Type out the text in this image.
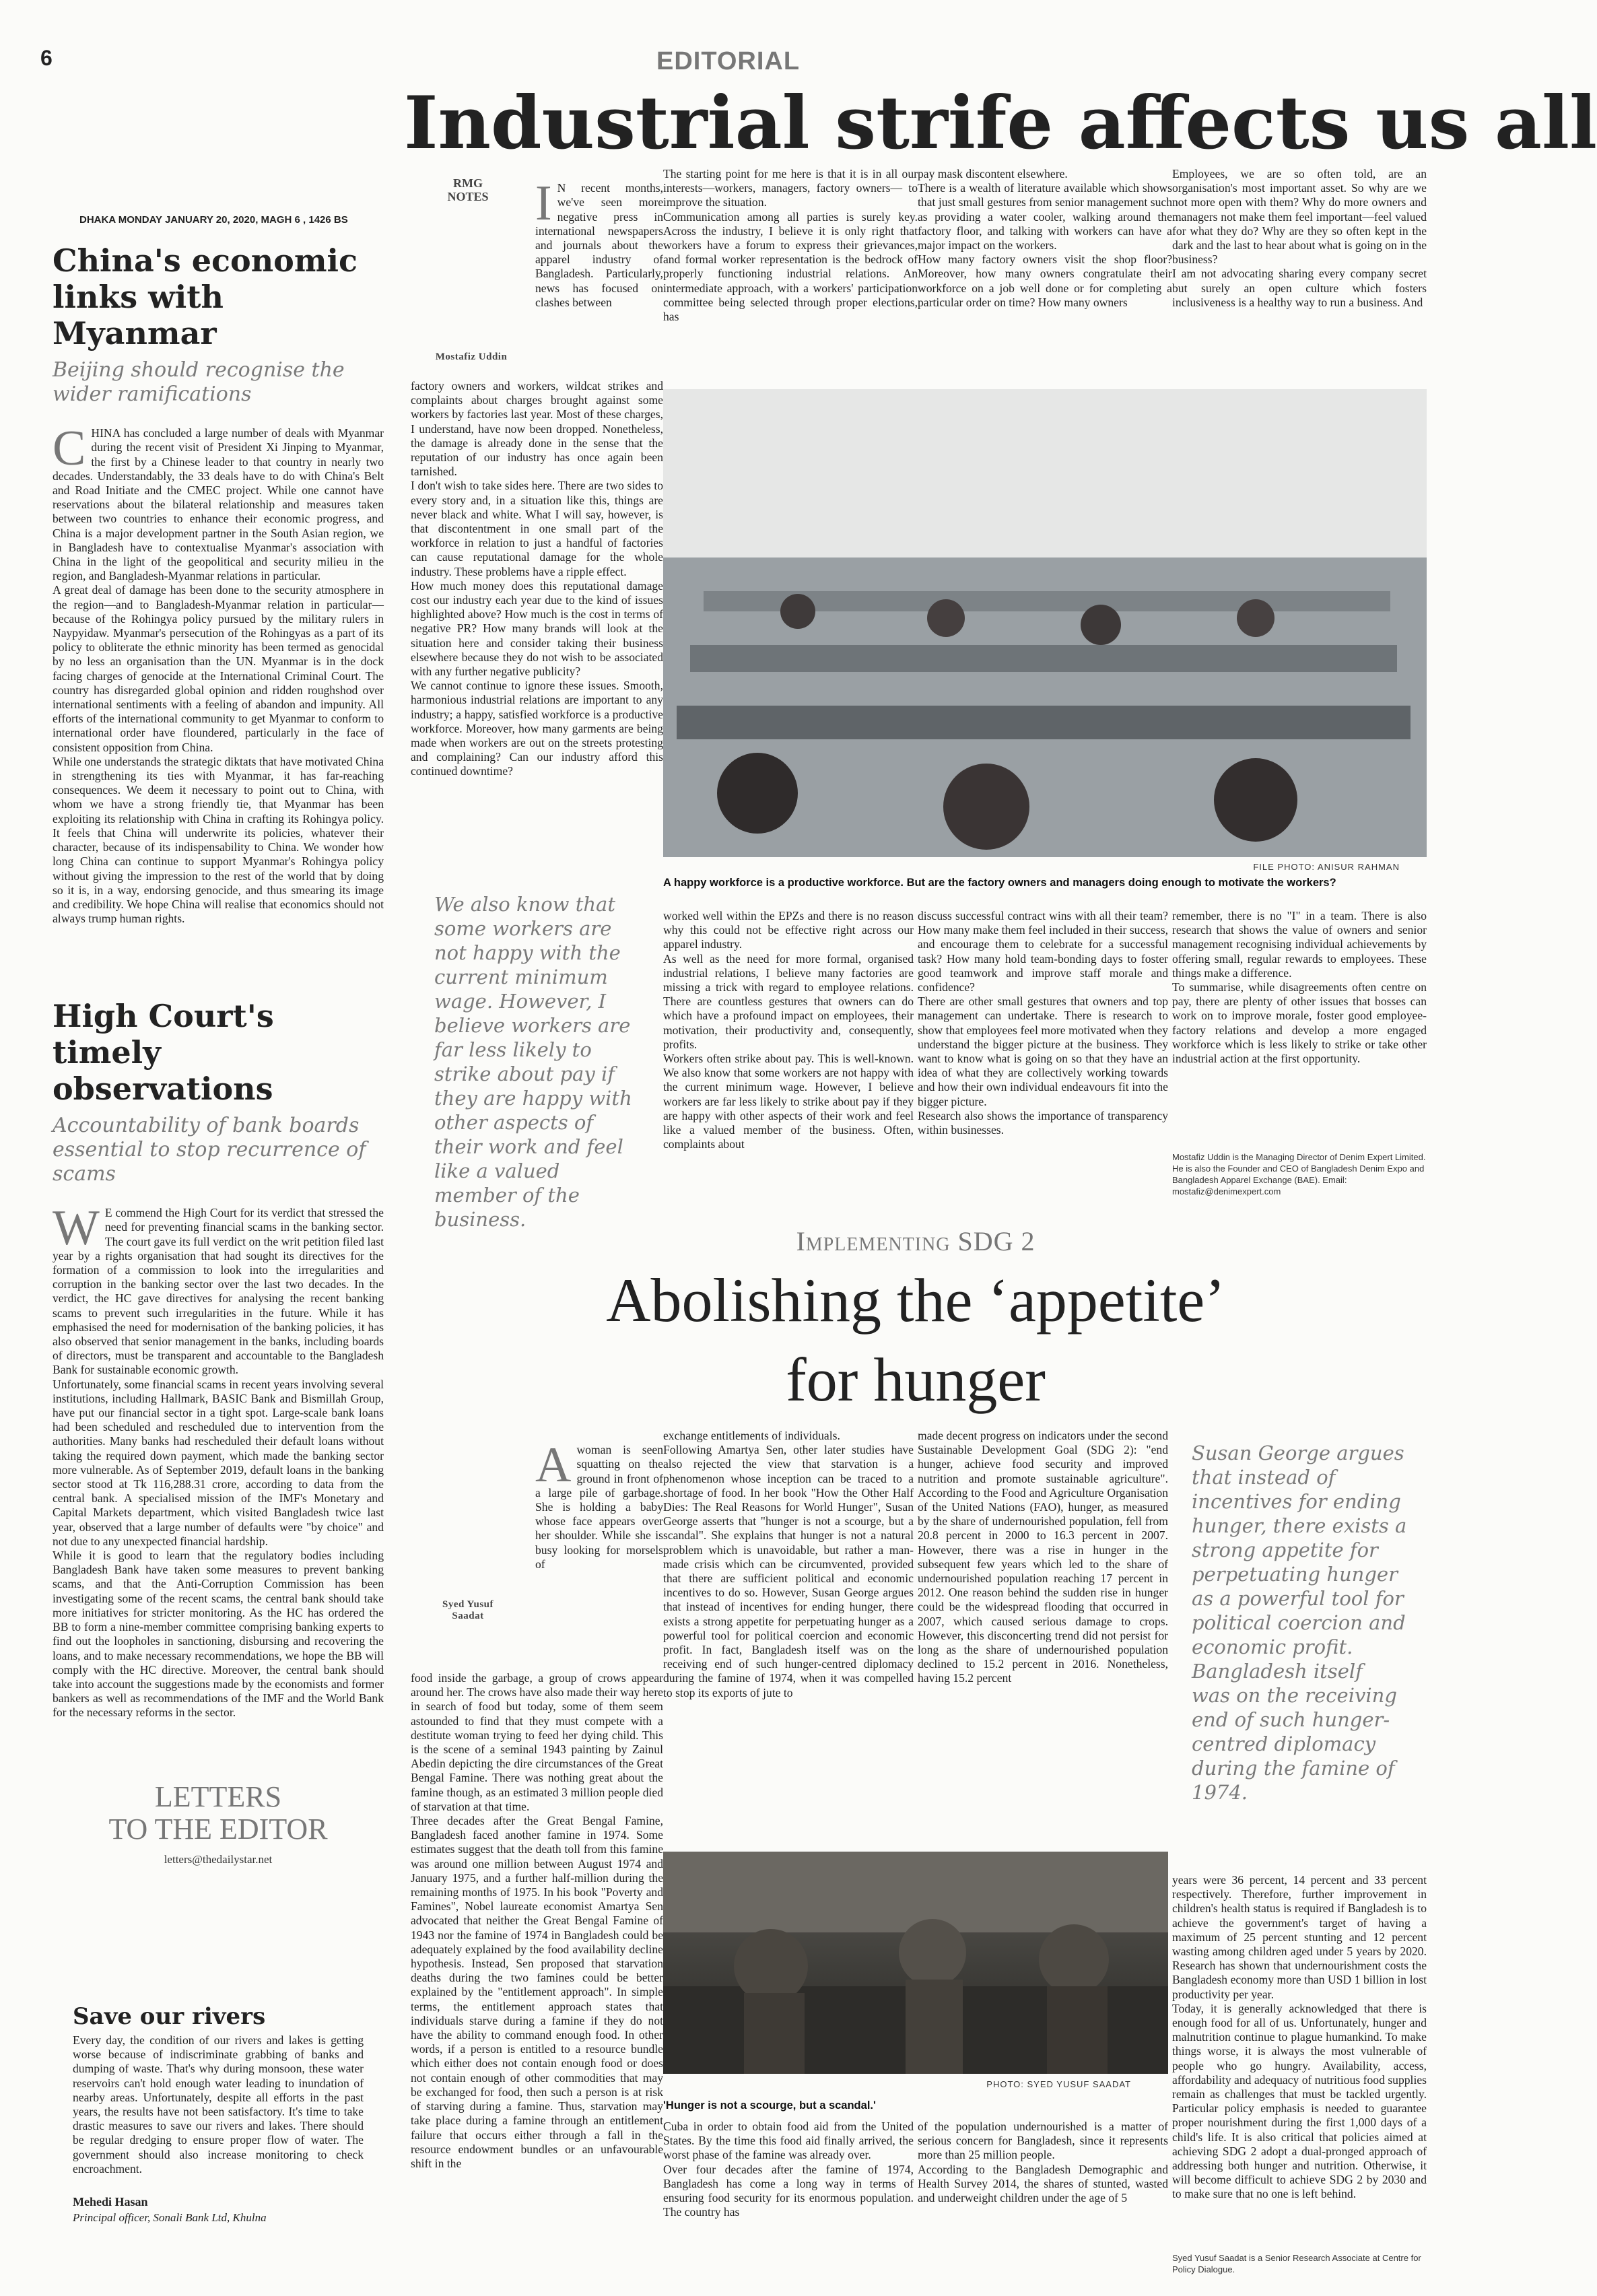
6	EDITORIAL
Industrial strife affects us all
DHAKA MONDAY JANUARY 20, 2020, MAGH 6 , 1426 BS
China's economic
links with Myanmar
Beijing should recognise the
wider ramifications

CHINA has concluded a large number of deals with Myanmar during the recent visit of President Xi Jinping to Myanmar, the first by a Chinese leader to that country in nearly two decades. Understandably, the 33 deals have to do with China's Belt and Road Initiate and the CMEC project. While one cannot have reservations about the bilateral relationship and measures taken between two countries to enhance their economic progress, and China is a major development partner in the South Asian region, we in Bangladesh have to contextualise Myanmar's association with China in the light of the geopolitical and security milieu in the region, and Bangladesh-Myanmar relations in particular.
A great deal of damage has been done to the security atmosphere in the region—and to Bangladesh-Myanmar relation in particular—because of the Rohingya policy pursued by the military rulers in Naypyidaw. Myanmar's persecution of the Rohingyas as a part of its policy to obliterate the ethnic minority has been termed as genocidal by no less an organisation than the UN. Myanmar is in the dock facing charges of genocide at the International Criminal Court. The country has disregarded global opinion and ridden roughshod over international sentiments with a feeling of abandon and impunity. All efforts of the international community to get Myanmar to conform to international order have floundered, particularly in the face of consistent opposition from China.
While one understands the strategic diktats that have motivated China in strengthening its ties with Myanmar, it has far-reaching consequences. We deem it necessary to point out to China, with whom we have a strong friendly tie, that Myanmar has been exploiting its relationship with China in crafting its Rohingya policy. It feels that China will underwrite its policies, whatever their character, because of its indispensability to China. We wonder how long China can continue to support Myanmar's Rohingya policy without giving the impression to the rest of the world that by doing so it is, in a way, endorsing genocide, and thus smearing its image and credibility. We hope China will realise that economics should not always trump human rights.

High Court's timely
observations
Accountability of bank boards
essential to stop recurrence of scams

W E commend the High Court for its verdict that stressed the need for preventing financial scams in the banking sector. The court gave its full verdict on the writ petition filed last year by a rights organisation that had sought its directives for the formation of a commission to look into the irregularities and corruption in the banking sector over the last two decades. In the verdict, the HC gave directives for analysing the recent banking scams to prevent such irregularities in the future. While it has emphasised the need for modernisation of the banking policies, it has also observed that senior management in the banks, including boards of directors, must be transparent and accountable to the Bangladesh Bank for sustainable economic growth.
Unfortunately, some financial scams in recent years involving several institutions, including Hallmark, BASIC Bank and Bismillah Group, have put our financial sector in a tight spot. Large-scale bank loans had been scheduled and rescheduled due to intervention from the authorities. Many banks had rescheduled their default loans without taking the required down payment, which made the banking sector more vulnerable. As of September 2019, default loans in the banking sector stood at Tk 116,288.31 crore, according to data from the central bank. A specialised mission of the IMF's Monetary and Capital Markets department, which visited Bangladesh twice last year, observed that a large number of defaults were "by choice" and not due to any unexpected financial hardship.
While it is good to learn that the regulatory bodies including Bangladesh Bank have taken some measures to prevent banking scams, and that the Anti-Corruption Commission has been investigating some of the recent scams, the central bank should take more initiatives for stricter monitoring. As the HC has ordered the BB to form a nine-member committee comprising banking experts to find out the loopholes in sanctioning, disbursing and recovering the loans, and to make necessary recommendations, we hope the BB will comply with the HC directive. Moreover, the central bank should take into account the suggestions made by the economists and former bankers as well as recommendations of the IMF and the World Bank for the necessary reforms in the sector.

LETTERS
TO THE EDITOR
letters@thedailystar.net
Save our rivers
Every day, the condition of our rivers and lakes is getting worse because of indiscriminate grabbing of banks and dumping of waste. That's why during monsoon, these water reservoirs can't hold enough water leading to inundation of nearby areas. Unfortunately, despite all efforts in the past years, the results have not been satisfactory. It's time to take drastic measures to save our rivers and lakes. There should be regular dredging to ensure proper flow of water. The government should also increase monitoring to check encroachment.
Mehedi Hasan
Principal officer, Sonali Bank Ltd, Khulna
RMG
NOTES
Mostafiz Uddin

I N recent months, we've seen more negative press in international newspapers and journals about the apparel industry of Bangladesh. Particularly, news has focused on clashes between

factory owners and workers, wildcat strikes and complaints about charges brought against some workers by factories last year. Most of these charges, I understand, have now been dropped. Nonetheless, the damage is already done in the sense that the reputation of our industry has once again been tarnished.
I don't wish to take sides here. There are two sides to every story and, in a situation like this, things are never black and white. What I will say, however, is that discontentment in one small part of the workforce in relation to just a handful of factories can cause reputational damage for the whole industry. These problems have a ripple effect.
How much money does this reputational damage cost our industry each year due to the kind of issues highlighted above? How much is the cost in terms of negative PR? How many brands will look at the situation here and consider taking their business elsewhere because they do not wish to be associated with any further negative publicity?
We cannot continue to ignore these issues. Smooth, harmonious industrial relations are important to any industry; a happy, satisfied workforce is a productive workforce. Moreover, how many garments are being made when workers are out on the streets protesting and complaining? Can our industry afford this continued downtime?
The starting point for me here is that it is in all our interests—workers, managers, factory owners— to improve the situation.
Communication among all parties is surely key. Across the industry, I believe it is only right that workers have a forum to express their grievances, and formal worker representation is the bedrock of properly functioning industrial relations. An intermediate approach, with a workers' participation committee being selected through proper elections, has
pay mask discontent elsewhere.
There is a wealth of literature available which shows that just small gestures from senior management such as providing a water cooler, walking around the factory floor, and talking with workers can have a major impact on the workers.
How many factory owners visit the shop floor? Moreover, how many owners congratulate their workforce on a job well done or for completing a particular order on time? How many owners
Employees, we are so often told, are an organisation's most important asset. So why are we not more open with them? Why do more owners and managers not make them feel important—feel valued for what they do? Why are they so often kept in the dark and the last to hear about what is going on in the business?
I am not advocating sharing every company secret but surely an open culture which fosters inclusiveness is a healthy way to run a business. And
FILE PHOTO: ANISUR RAHMAN
A happy workforce is a productive workforce. But are the factory owners and managers doing enough to motivate the workers?
We also know that some workers are not happy with the current minimum wage. However, I believe workers are far less likely to strike about pay if they are happy with other aspects of their work and feel like a valued member of the business.
worked well within the EPZs and there is no reason why this could not be effective right across our apparel industry.
As well as the need for more formal, organised industrial relations, I believe many factories are missing a trick with regard to employee relations. There are countless gestures that owners can do which have a profound impact on employees, their motivation, their productivity and, consequently, profits.
Workers often strike about pay. This is well-known. We also know that some workers are not happy with the current minimum wage. However, I believe workers are far less likely to strike about pay if they are happy with other aspects of their work and feel like a valued member of the business. Often, complaints about
discuss successful contract wins with all their team? How many make them feel included in their success, and encourage them to celebrate for a successful task? How many hold team-bonding days to foster good teamwork and improve staff morale and confidence?
There are other small gestures that owners and top management can undertake. There is research to show that employees feel more motivated when they understand the bigger picture at the business. They want to know what is going on so that they have an idea of what they are collectively working towards and how their own individual endeavours fit into the bigger picture.
Research also shows the importance of transparency within businesses.
remember, there is no "I" in a team. There is also research that shows the value of owners and senior management recognising individual achievements by offering small, regular rewards to employees. These things make a difference.
To summarise, while disagreements often centre on pay, there are plenty of other issues that bosses can work on to improve morale, foster good employee-factory relations and develop a more engaged workforce which is less likely to strike or take other industrial action at the first opportunity.
Mostafiz Uddin is the Managing Director of Denim Expert Limited. He is also the Founder and CEO of Bangladesh Denim Expo and Bangladesh Apparel Exchange (BAE). Email: mostafiz@denimexpert.com
Implementing SDG 2
Abolishing the ‘appetite’
for hunger
Syed Yusuf
Saadat

Awoman is seen squatting on the ground in front of a large pile of garbage. She is holding a baby whose face appears over her shoulder. While she is busy looking for morsels of

food inside the garbage, a group of crows appear around her. The crows have also made their way here in search of food but today, some of them seem astounded to find that they must compete with a destitute woman trying to feed her dying child. This is the scene of a seminal 1943 painting by Zainul Abedin depicting the dire circumstances of the Great Bengal Famine. There was nothing great about the famine though, as an estimated 3 million people died of starvation at that time.
Three decades after the Great Bengal Famine, Bangladesh faced another famine in 1974. Some estimates suggest that the death toll from this famine was around one million between August 1974 and January 1975, and a further half-million during the remaining months of 1975. In his book "Poverty and Famines", Nobel laureate economist Amartya Sen advocated that neither the Great Bengal Famine of 1943 nor the famine of 1974 in Bangladesh could be adequately explained by the food availability decline hypothesis. Instead, Sen proposed that starvation deaths during the two famines could be better explained by the "entitlement approach". In simple terms, the entitlement approach states that individuals starve during a famine if they do not have the ability to command enough food. In other words, if a person is entitled to a resource bundle which either does not contain enough food or does not contain enough of other commodities that may be exchanged for food, then such a person is at risk of starving during a famine. Thus, starvation may take place during a famine through an entitlement failure that occurs either through a fall in the resource endowment bundles or an unfavourable shift in the
exchange entitlements of individuals.
Following Amartya Sen, other later studies have also rejected the view that starvation is a phenomenon whose inception can be traced to a shortage of food. In her book "How the Other Half Dies: The Real Reasons for World Hunger", Susan George asserts that "hunger is not a scourge, but a scandal". She explains that hunger is not a natural problem which is unavoidable, but rather a man-made crisis which can be circumvented, provided that there are sufficient political and economic incentives to do so. However, Susan George argues that instead of incentives for ending hunger, there exists a strong appetite for perpetuating hunger as a powerful tool for political coercion and economic profit. In fact, Bangladesh itself was on the receiving end of such hunger-centred diplomacy during the famine of 1974, when it was compelled to stop its exports of jute to
made decent progress on indicators under the second Sustainable Development Goal (SDG 2): "end hunger, achieve food security and improved nutrition and promote sustainable agriculture". According to the Food and Agriculture Organisation of the United Nations (FAO), hunger, as measured by the share of undernourished population, fell from 20.8 percent in 2000 to 16.3 percent in 2007. However, there was a rise in hunger in the subsequent few years which led to the share of undernourished population reaching 17 percent in 2012. One reason behind the sudden rise in hunger could be the widespread flooding that occurred in 2007, which caused serious damage to crops. However, this disconcerting trend did not persist for long as the share of undernourished population declined to 15.2 percent in 2016. Nonetheless, having 15.2 percent
Susan George argues that instead of incentives for ending hunger, there exists a strong appetite for perpetuating hunger as a powerful tool for political coercion and economic profit. Bangladesh itself was on the receiving end of such hunger-centred diplomacy during the famine of 1974.
years were 36 percent, 14 percent and 33 percent respectively. Therefore, further improvement in children's health status is required if Bangladesh is to achieve the government's target of having a maximum of 25 percent stunting and 12 percent wasting among children aged under 5 years by 2020. Research has shown that undernourishment costs the Bangladesh economy more than USD 1 billion in lost productivity per year.
Today, it is generally acknowledged that there is enough food for all of us. Unfortunately, hunger and malnutrition continue to plague humankind. To make things worse, it is always the most vulnerable of people who go hungry. Availability, access, affordability and adequacy of nutritious food supplies remain as challenges that must be tackled urgently. Particular policy emphasis is needed to guarantee proper nourishment during the first 1,000 days of a child's life. It is also critical that policies aimed at achieving SDG 2 adopt a dual-pronged approach of addressing both hunger and nutrition. Otherwise, it will become difficult to achieve SDG 2 by 2030 and to make sure that no one is left behind.
PHOTO: SYED YUSUF SAADAT
'Hunger is not a scourge, but a scandal.'
Cuba in order to obtain food aid from the United States. By the time this food aid finally arrived, the worst phase of the famine was already over.
Over four decades after the famine of 1974, Bangladesh has come a long way in terms of ensuring food security for its enormous population. The country has
of the population undernourished is a matter of serious concern for Bangladesh, since it represents more than 25 million people.
According to the Bangladesh Demographic and Health Survey 2014, the shares of stunted, wasted and underweight children under the age of 5
Syed Yusuf Saadat is a Senior Research Associate at Centre for Policy Dialogue.
